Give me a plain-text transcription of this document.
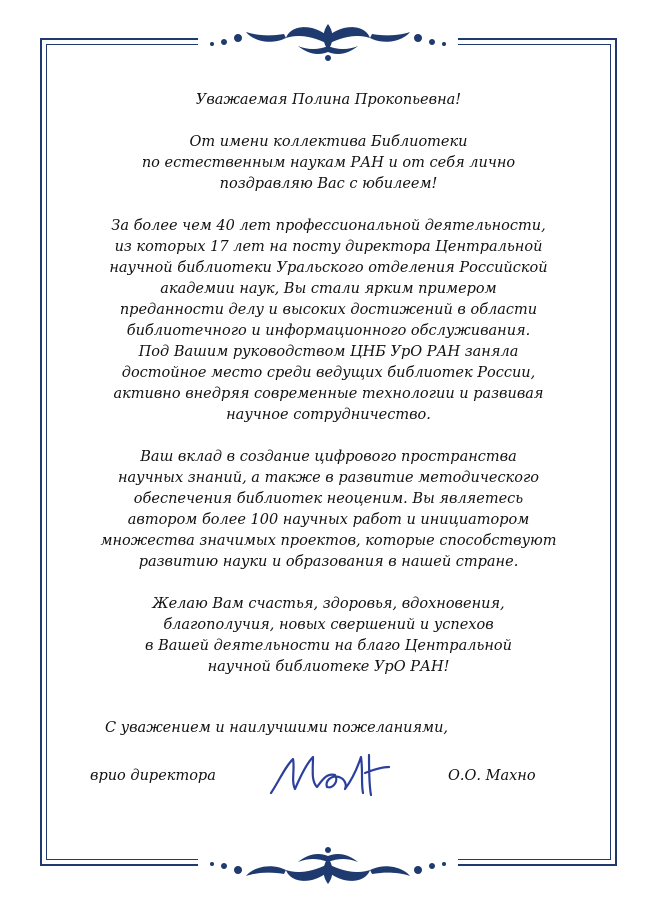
Уважаемая Полина Прокопьевна!

От имени коллектива Библиотеки

по естественным наукам РАН и от себя лично

поздравляю Вас с юбилеем!

За более чем 40 лет профессиональной деятельности,

из которых 17 лет на посту директора Центральной

научной библиотеки Уральского отделения Российской

академии наук, Вы стали ярким примером

преданности делу и высоких достижений в области

библиотечного и информационного обслуживания.

Под Вашим руководством ЦНБ УрО РАН заняла

достойное место среди ведущих библиотек России,

активно внедряя современные технологии и развивая

научное сотрудничество.

Ваш вклад в создание цифрового пространства

научных знаний, а также в развитие методического

обеспечения библиотек неоценим. Вы являетесь

автором более 100 научных работ и инициатором

множества значимых проектов, которые способствуют

развитию науки и образования в нашей стране.

Желаю Вам счастья, здоровья, вдохновения,

благополучия, новых свершений и успехов

в Вашей деятельности на благо Центральной

научной библиотеке УрО РАН!

С уважением и наилучшими пожеланиями,
врио директора	О.О. Махно
